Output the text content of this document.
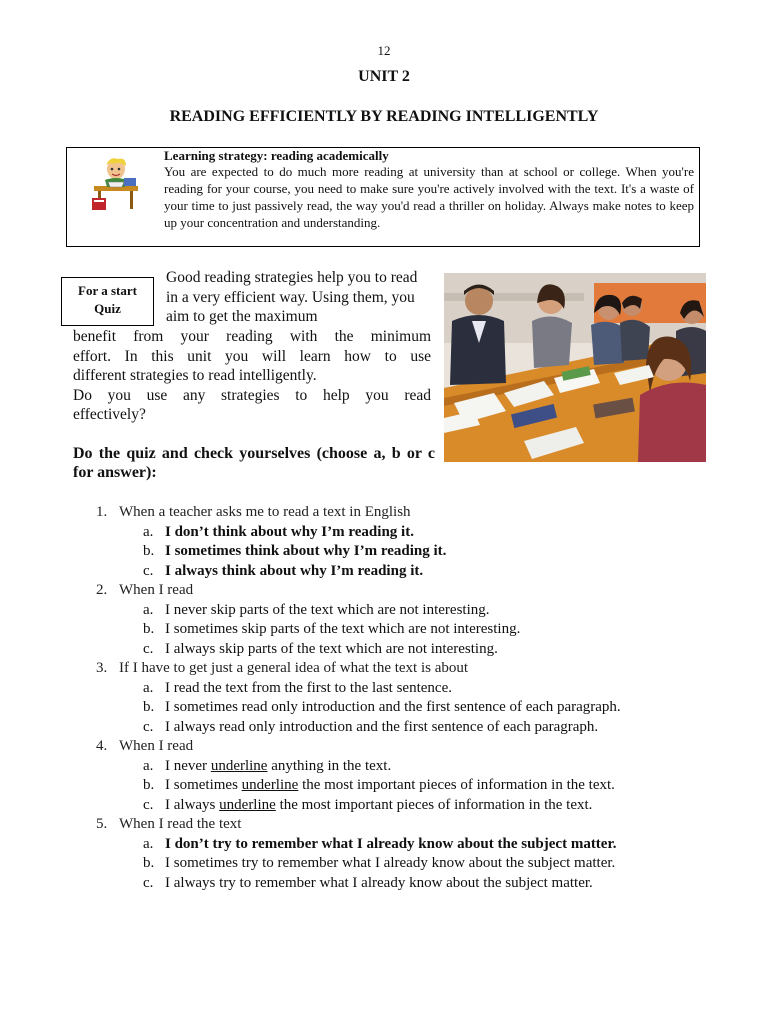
12
UNIT 2
READING EFFICIENTLY BY READING INTELLIGENTLY
Learning strategy: reading academically
You are expected to do much more reading at university than at school or college. When you're reading for your course, you need to make sure you're actively involved with the text. It's a waste of your time to just passively read, the way you'd read a thriller on holiday. Always make notes to keep up your concentration and understanding.
For a start
Quiz
Good reading strategies help you to read in a very efficient way. Using them, you aim to get the maximum
benefit from your reading with the minimum
effort. In this unit you will learn how to use
different strategies to read intelligently.
Do you use any strategies to help you read
effectively?
Do the quiz and check yourselves (choose a, b or c for answer):
1. When a teacher asks me to read a text in English
a. I don’t think about why I’m reading it.
b. I sometimes think about why I’m reading it.
c. I always think about why I’m reading it.
2. When I read
a. I never skip parts of the text which are not interesting.
b. I sometimes skip parts of the text which are not interesting.
c. I always skip parts of the text which are not interesting.
3. If I have to get just a general idea of what the text is about
a. I read the text from the first to the last sentence.
b. I sometimes read only introduction and the first sentence of each paragraph.
c. I always read only introduction and the first sentence of each paragraph.
4. When I read
a. I never underline anything in the text.
b. I sometimes underline the most important pieces of information in the text.
c. I always underline the most important pieces of information in the text.
5. When I read the text
a. I don’t try to remember what I already know about the subject matter.
b. I sometimes try to remember what I already know about the subject matter.
c. I always try to remember what I already know about the subject matter.
